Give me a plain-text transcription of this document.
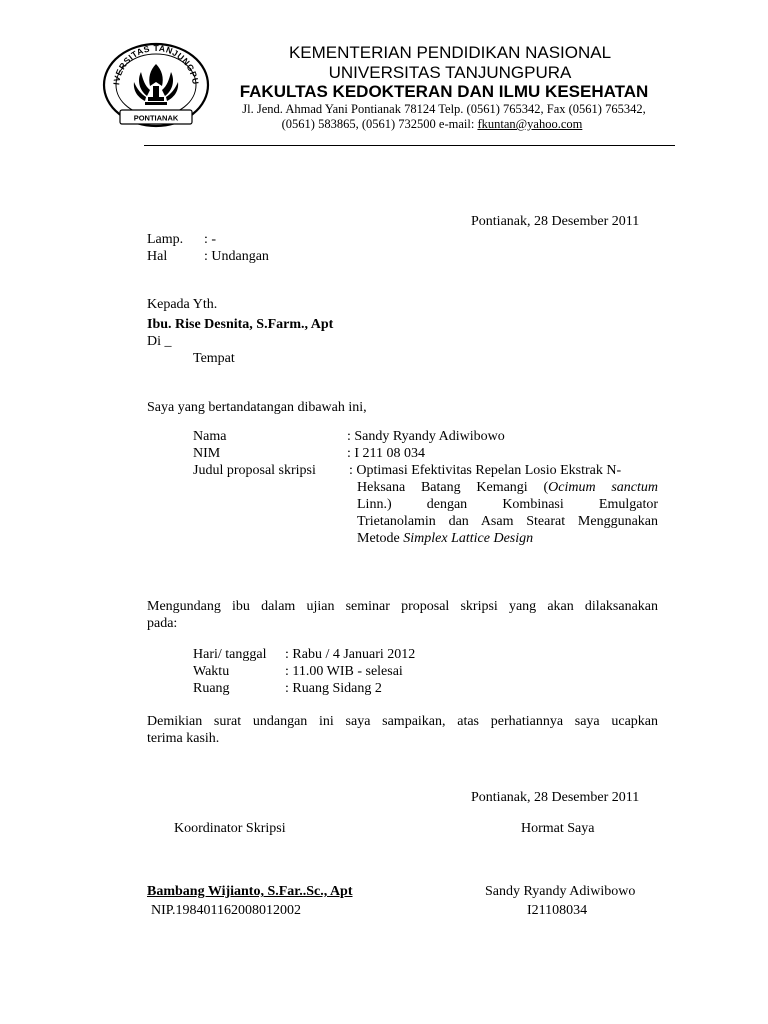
IVERSITAS TANJUNGPU
PONTIANAK
KEMENTERIAN PENDIDIKAN NASIONAL
UNIVERSITAS TANJUNGPURA
FAKULTAS KEDOKTERAN DAN ILMU KESEHATAN
Jl. Jend. Ahmad Yani Pontianak 78124 Telp. (0561) 765342, Fax (0561) 765342,
(0561) 583865, (0561) 732500 e-mail: fkuntan@yahoo.com
Pontianak, 28 Desember 2011
Lamp. : -
Hal	: Undangan
Kepada Yth.
Ibu. Rise Desnita, S.Farm., Apt
Di _
Tempat
Saya yang bertandatangan dibawah ini,
Nama	: Sandy Ryandy Adiwibowo
NIM	: I 211 08 034
Judul proposal skripsi : Optimasi Efektivitas Repelan Losio Ekstrak N-
Heksana Batang Kemangi (Ocimum sanctum
Linn.) dengan Kombinasi Emulgator
Trietanolamin dan Asam Stearat Menggunakan
Metode Simplex Lattice Design
Mengundang ibu dalam ujian seminar proposal skripsi yang akan dilaksanakan
pada:
Hari/ tanggal : Rabu / 4 Januari 2012
Waktu	: 11.00 WIB - selesai
Ruang	: Ruang Sidang 2
Demikian surat undangan ini saya sampaikan, atas perhatiannya saya ucapkan
terima kasih.
Pontianak, 28 Desember 2011
Koordinator Skripsi	Hormat Saya
Bambang Wijianto, S.Far..Sc., Apt	Sandy Ryandy Adiwibowo
NIP.198401162008012002	I21108034
